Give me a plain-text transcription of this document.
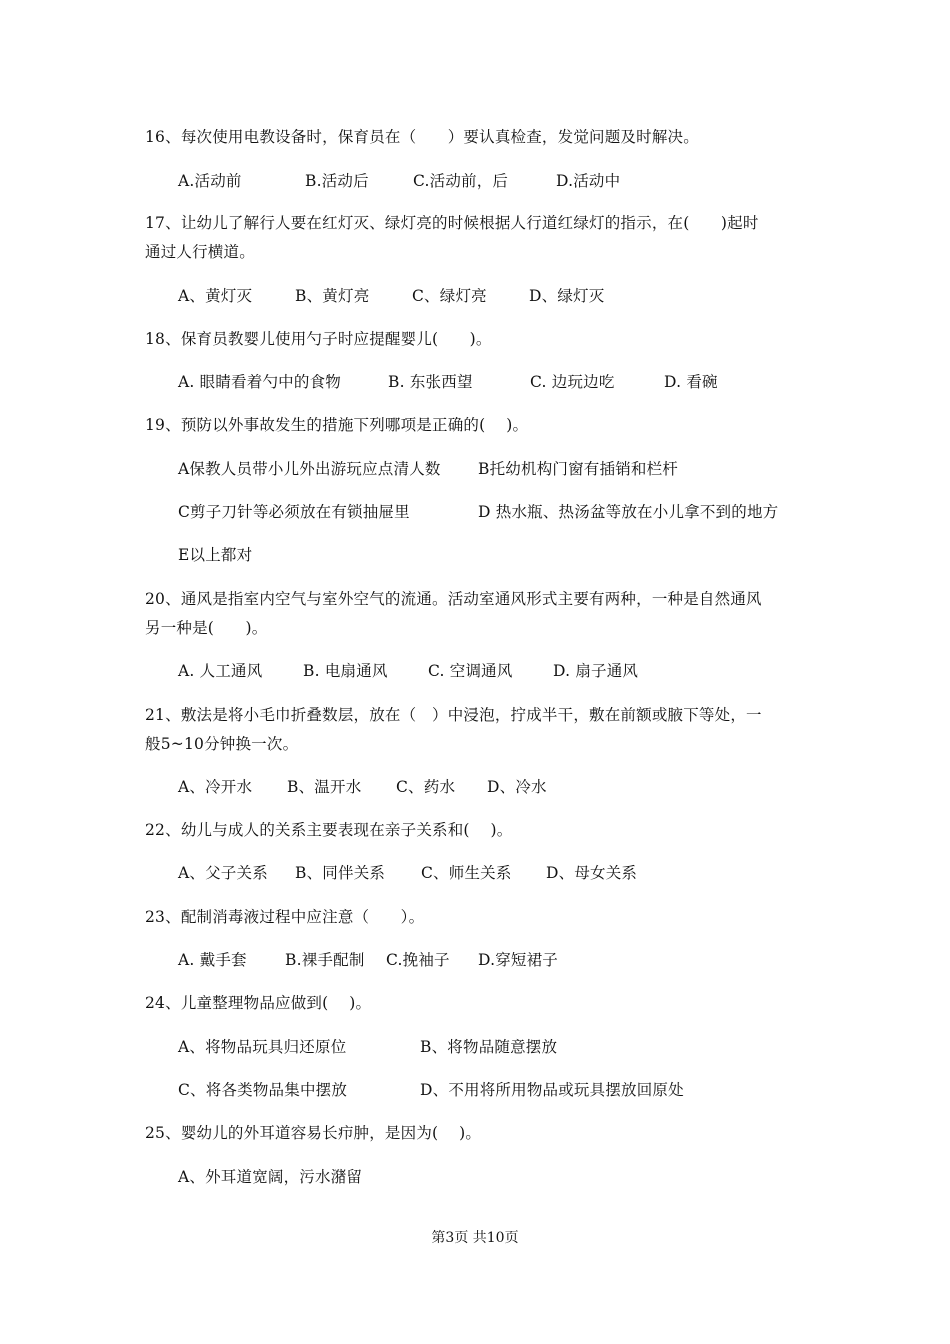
16、每次使用电教设备时，保育员在（　　）要认真检查，发觉问题及时解决。
A.活动前	B.活动后	C.活动前，后	D.活动中
17、让幼儿了解行人要在红灯灭、绿灯亮的时候根据人行道红绿灯的指示，在(　　)起时
通过人行横道。
A、黄灯灭	B、黄灯亮	C、绿灯亮	D、绿灯灭
18、保育员教婴儿使用勺子时应提醒婴儿(　　)。
A. 眼睛看着勺中的食物	B. 东张西望	C. 边玩边吃	D. 看碗
19、预防以外事故发生的措施下列哪项是正确的(　 )。
A保教人员带小儿外出游玩应点清人数 B托幼机构门窗有插销和栏杆
C剪子刀针等必须放在有锁抽屉里	D 热水瓶、热汤盆等放在小儿拿不到的地方
E以上都对
20、通风是指室内空气与室外空气的流通。活动室通风形式主要有两种，一种是自然通风
另一种是(　　)。
A. 人工通风	B. 电扇通风	C. 空调通风	D. 扇子通风
21、敷法是将小毛巾折叠数层，放在（　）中浸泡，拧成半干，敷在前额或腋下等处，一
般5~10分钟换一次。
A、冷开水 B、温开水 C、药水 D、冷水
22、幼儿与成人的关系主要表现在亲子关系和(　 )。
A、父子关系 B、同伴关系 C、师生关系 D、母女关系
23、配制消毒液过程中应注意（　　）。
A. 戴手套 B.裸手配制 C.挽袖子 D.穿短裙子
24、儿童整理物品应做到(　 )。
A、将物品玩具归还原位	B、将物品随意摆放
C、将各类物品集中摆放	D、不用将所用物品或玩具摆放回原处
25、婴幼儿的外耳道容易长疖肿，是因为(　 )。
A、外耳道宽阔，污水潴留
第3页 共10页
